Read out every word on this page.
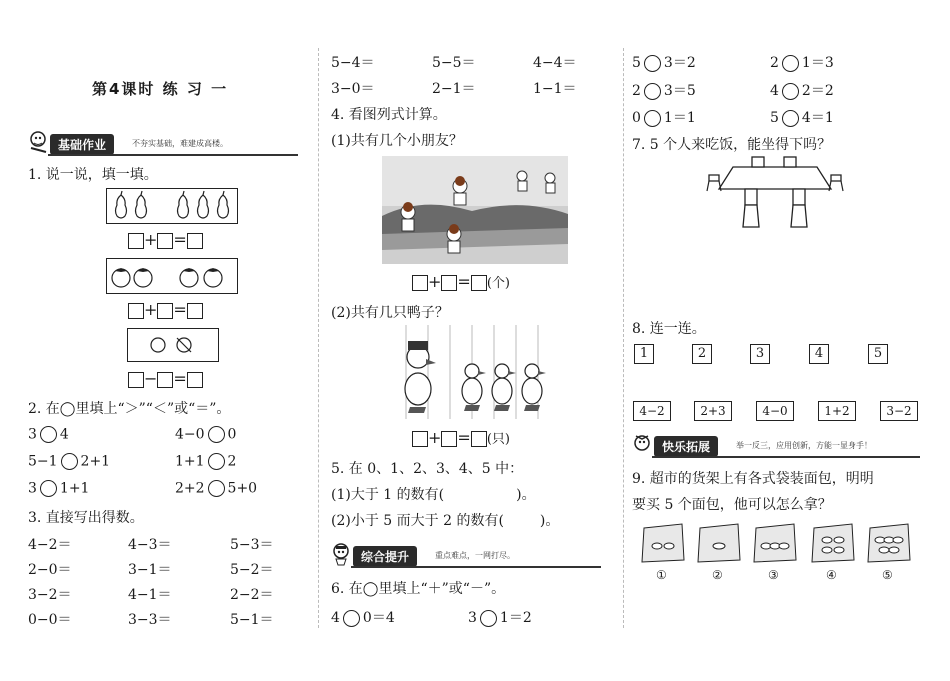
第4课时 练 习 一
基础作业	不夯实基础，难建成高楼。
1. 说一说，填一填。
+ =
+ =
− =
2. 在◯里填上“＞”“＜”或“＝”。
3 4	4−0 0
5−1 2+1	1+1 2
3 1+1	2+2 5+0
3. 直接写出得数。
4−2＝	4−3＝	5−3＝
2−0＝	3−1＝	5−2＝
3−2＝	4−1＝	2−2＝
0−0＝	3−3＝	5−1＝
5−4＝	5−5＝	4−4＝
3−0＝	2−1＝	1−1＝
4. 看图列式计算。
(1)共有几个小朋友？
+ = (个)
(2)共有几只鸭子？
+ = (只)
5. 在 0、1、2、3、4、5 中：
(1)大于 1 的数有(	)。
(2)小于 5 而大于 2 的数有(	)。
综合提升	重点难点，一网打尽。
6. 在◯里填上“＋”或“－”。
4 0＝4	3 1＝2
5 3＝2	2 1＝3
2 3＝5	4 2＝2
0 1＝1	5 4＝1
7. 5 个人来吃饭，能坐得下吗？
8. 连一连。
1	2	3	4	5
4−2	2+3	4−0	1+2	3−2
快乐拓展	举一反三，应用创新，方能一显身手！
9. 超市的货架上有各式袋装面包，明明
要买 5 个面包，他可以怎么拿？
①	②	③	④	⑤
